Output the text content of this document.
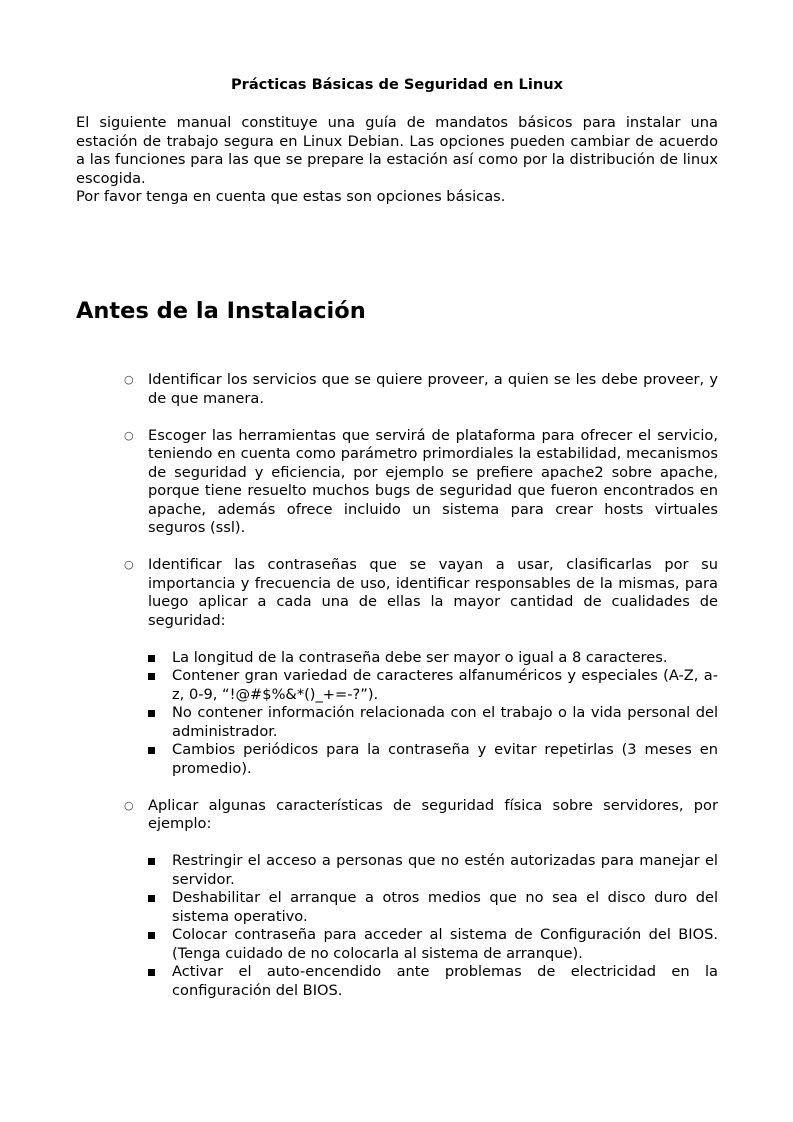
Prácticas Básicas de Seguridad en Linux

El siguiente manual constituye una guía de mandatos básicos para instalar una estación de trabajo segura en Linux Debian. Las opciones pueden cambiar de acuerdo a las funciones para las que se prepare la estación así como por la distribución de linux escogida.

Por favor tenga en cuenta que estas son opciones básicas.

Antes de la Instalación
○ Identificar los servicios que se quiere proveer, a quien se les debe proveer, y de que manera.

○ Escoger las herramientas que servirá de plataforma para ofrecer el servicio, teniendo en cuenta como parámetro primordiales la estabilidad, mecanismos de seguridad y eficiencia, por ejemplo se prefiere apache2 sobre apache, porque tiene resuelto muchos bugs de seguridad que fueron encontrados en apache, además ofrece incluido un sistema para crear hosts virtuales seguros (ssl).

○ Identificar las contraseñas que se vayan a usar, clasificarlas por su importancia y frecuencia de uso, identificar responsables de la mismas, para luego aplicar a cada una de ellas la mayor cantidad de cualidades de seguridad:

La longitud de la contraseña debe ser mayor o igual a 8 caracteres.
Contener gran variedad de caracteres alfanuméricos y especiales (A-Z, a-z, 0-9, “!@#$%&*()_+=-?”).
No contener información relacionada con el trabajo o la vida personal del administrador.
Cambios periódicos para la contraseña y evitar repetirlas (3 meses en promedio).
○ Aplicar algunas características de seguridad física sobre servidores, por ejemplo:

Restringir el acceso a personas que no estén autorizadas para manejar el servidor.
Deshabilitar el arranque a otros medios que no sea el disco duro del sistema operativo.
Colocar contraseña para acceder al sistema de Configuración del BIOS. (Tenga cuidado de no colocarla al sistema de arranque).
Activar el auto-encendido ante problemas de electricidad en la configuración del BIOS.
